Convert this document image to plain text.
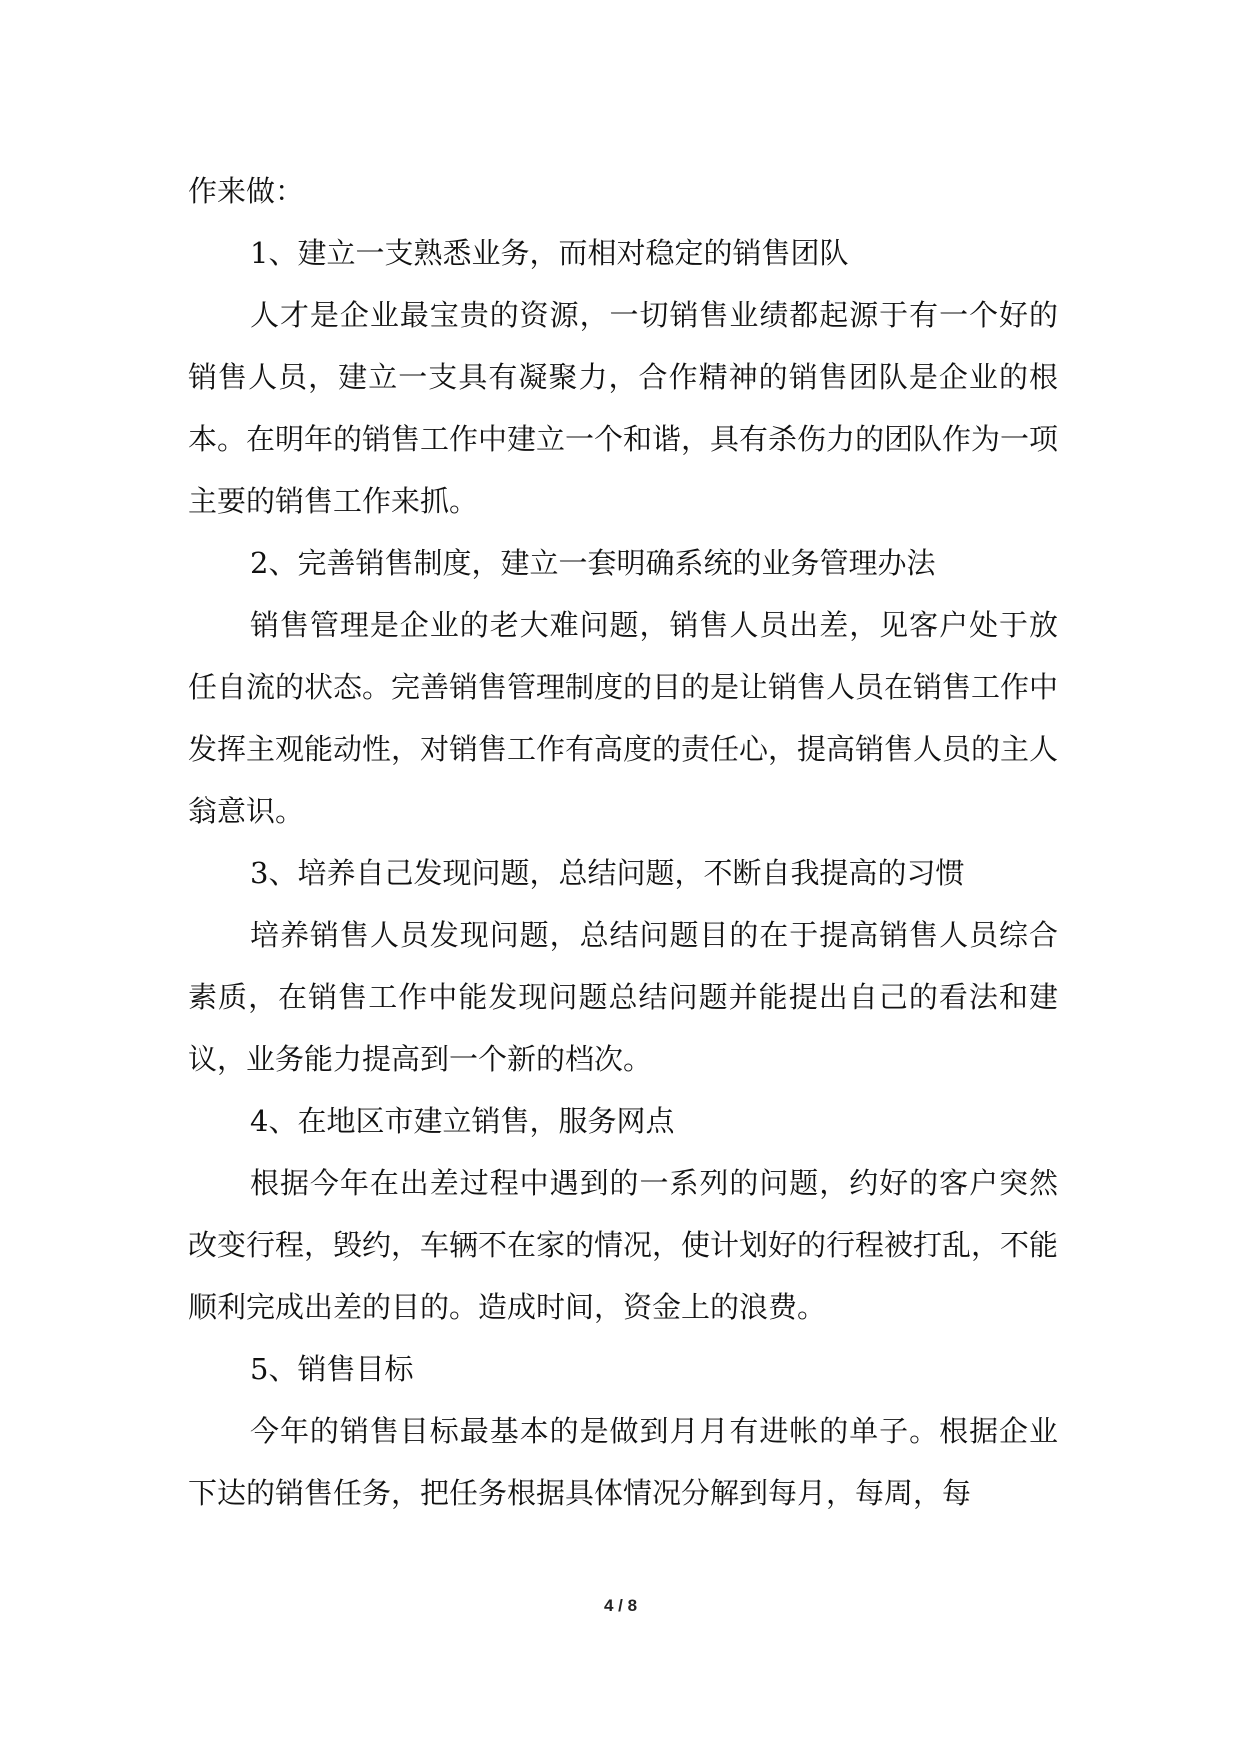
作来做：

1、建立一支熟悉业务，而相对稳定的销售团队

人才是企业最宝贵的资源，一切销售业绩都起源于有一个好的销售人员，建立一支具有凝聚力，合作精神的销售团队是企业的根本。在明年的销售工作中建立一个和谐，具有杀伤力的团队作为一项主要的销售工作来抓。

2、完善销售制度，建立一套明确系统的业务管理办法

销售管理是企业的老大难问题，销售人员出差，见客户处于放任自流的状态。完善销售管理制度的目的是让销售人员在销售工作中发挥主观能动性，对销售工作有高度的责任心，提高销售人员的主人翁意识。

3、培养自己发现问题，总结问题，不断自我提高的习惯

培养销售人员发现问题，总结问题目的在于提高销售人员综合素质，在销售工作中能发现问题总结问题并能提出自己的看法和建议，业务能力提高到一个新的档次。

4、在地区市建立销售，服务网点

根据今年在出差过程中遇到的一系列的问题，约好的客户突然改变行程，毁约，车辆不在家的情况，使计划好的行程被打乱，不能顺利完成出差的目的。造成时间，资金上的浪费。

5、销售目标

今年的销售目标最基本的是做到月月有进帐的单子。根据企业下达的销售任务，把任务根据具体情况分解到每月，每周，每

4 / 8
